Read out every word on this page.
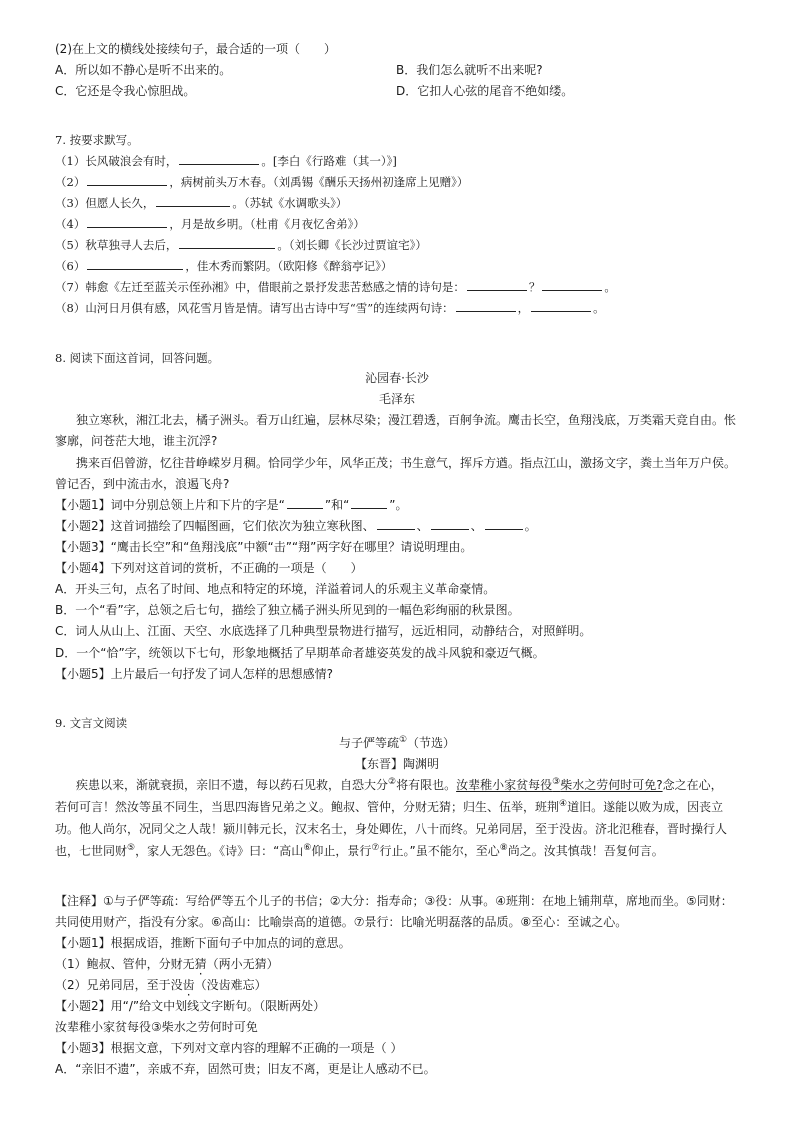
(2)在上文的横线处接续句子，最合适的一项（　　）
A．所以如不静心是听不出来的。	B．我们怎么就听不出来呢?
C．它还是令我心惊胆战。	D．它扣人心弦的尾音不绝如缕。
7. 按要求默写。
（1）长风破浪会有时，	。[李白《行路难（其一）》]
（2）	，病树前头万木春。（刘禹锡《酬乐天扬州初逢席上见赠》）
（3）但愿人长久，	。（苏轼《水调歌头》）
（4）	，月是故乡明。（杜甫《月夜忆舍弟》）
（5）秋草独寻人去后，	。（刘长卿《长沙过贾谊宅》）
（6）	，佳木秀而繁阴。（欧阳修《醉翁亭记》）
（7）韩愈《左迁至蓝关示侄孙湘》中，借眼前之景抒发悲苦愁感之情的诗句是：	？	。
（8）山河日月俱有感，风花雪月皆是情。请写出古诗中写“雪”的连续两句诗：	，	。
8. 阅读下面这首词，回答问题。
沁园春·长沙
毛泽东
独立寒秋，湘江北去，橘子洲头。看万山红遍，层林尽染；漫江碧透，百舸争流。鹰击长空，鱼翔浅底，万类霜天竞自由。怅
寥廓，问苍茫大地，谁主沉浮?
携来百侣曾游，忆往昔峥嵘岁月稠。恰同学少年，风华正茂；书生意气，挥斥方遒。指点江山，激扬文字，粪土当年万户侯。
曾记否，到中流击水，浪遏飞舟?
【小题1】词中分别总领上片和下片的字是“	”和“	”。
【小题2】这首词描绘了四幅图画，它们依次为独立寒秋图、	、	、	。
【小题3】“鹰击长空”和“鱼翔浅底”中额“击”“翔”两字好在哪里？请说明理由。
【小题4】下列对这首词的赏析，不正确的一项是（　　）
A．开头三句，点名了时间、地点和特定的环境，洋溢着词人的乐观主义革命豪情。
B．一个“看”字，总领之后七句，描绘了独立橘子洲头所见到的一幅色彩绚丽的秋景图。
C．词人从山上、江面、天空、水底选择了几种典型景物进行描写，远近相同，动静结合，对照鲜明。
D．一个“恰”字，统领以下七句，形象地概括了早期革命者雄姿英发的战斗风貌和豪迈气概。
【小题5】上片最后一句抒发了词人怎样的思想感情?
9. 文言文阅读
与子俨等疏①（节选）
【东晋】陶渊明
疾患以来，渐就衰损，亲旧不遗，每以药石见救，自恐大分②将有限也。汝辈稚小家贫每役③柴水之劳何时可免?念之在心，
若何可言！然汝等虽不同生，当思四海皆兄弟之义。鲍叔、管仲，分财无猜；归生、伍举，班荆④道旧。遂能以败为成，因丧立
功。他人尚尔，况同父之人哉！颍川韩元长，汉末名士，身处卿佐，八十而终。兄弟同居，至于没齿。济北氾稚春，晋时操行人
也，七世同财⑤，家人无怨色。《诗》曰：“高山⑥仰止，景行⑦行止。”虽不能尔，至心⑧尚之。汝其慎哉！吾复何言。
【注释】①与子俨等疏：写给俨等五个儿子的书信；②大分：指寿命；③役：从事。④班荆：在地上铺荆草，席地而坐。⑤同财：
共同使用财产，指没有分家。⑥高山：比喻崇高的道德。⑦景行：比喻光明磊落的品质。⑧至心：至诚之心。
【小题1】根据成语，推断下面句子中加点的词的意思。
（1）鲍叔、管仲，分财无猜（两小无猜）
（2）兄弟同居，至于没齿（没齿难忘）
【小题2】用“/”给文中划线文字断句。（限断两处）
汝辈稚小家贫每役③柴水之劳何时可免
【小题3】根据文意，下列对文章内容的理解不正确的一项是（ ）
A．“亲旧不遗”，亲戚不弃，固然可贵；旧友不离，更是让人感动不已。
